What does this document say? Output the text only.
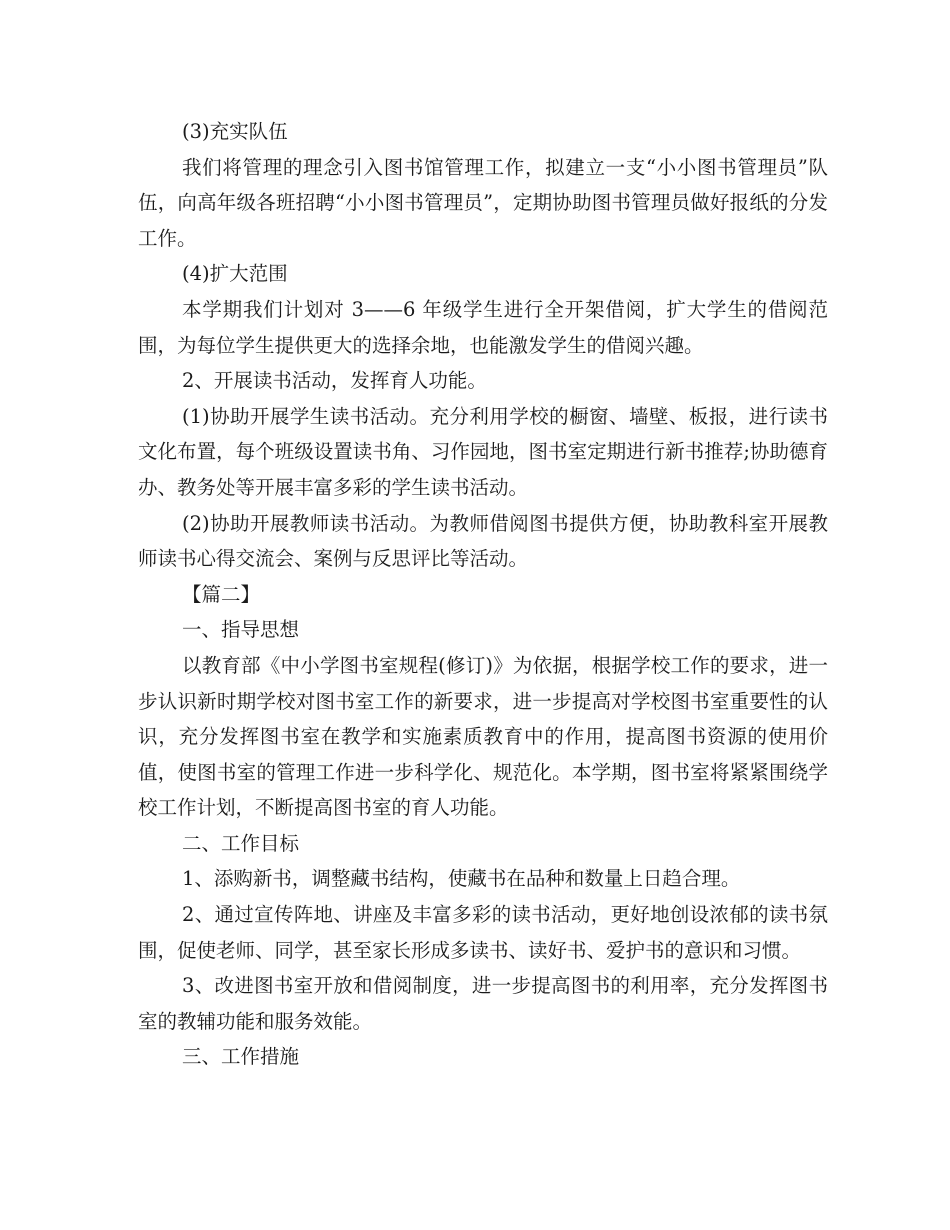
(3)充实队伍

我们将管理的理念引入图书馆管理工作，拟建立一支“小小图书管理员”队伍，向高年级各班招聘“小小图书管理员”，定期协助图书管理员做好报纸的分发工作。

(4)扩大范围

本学期我们计划对 3——6 年级学生进行全开架借阅，扩大学生的借阅范围，为每位学生提供更大的选择余地，也能激发学生的借阅兴趣。

2、开展读书活动，发挥育人功能。

(1)协助开展学生读书活动。充分利用学校的橱窗、墙壁、板报，进行读书文化布置，每个班级设置读书角、习作园地，图书室定期进行新书推荐;协助德育办、教务处等开展丰富多彩的学生读书活动。

(2)协助开展教师读书活动。为教师借阅图书提供方便，协助教科室开展教师读书心得交流会、案例与反思评比等活动。

【篇二】

一、指导思想

以教育部《中小学图书室规程(修订)》为依据，根据学校工作的要求，进一步认识新时期学校对图书室工作的新要求，进一步提高对学校图书室重要性的认识，充分发挥图书室在教学和实施素质教育中的作用，提高图书资源的使用价值，使图书室的管理工作进一步科学化、规范化。本学期，图书室将紧紧围绕学校工作计划，不断提高图书室的育人功能。

二、工作目标

1、添购新书，调整藏书结构，使藏书在品种和数量上日趋合理。

2、通过宣传阵地、讲座及丰富多彩的读书活动，更好地创设浓郁的读书氛围，促使老师、同学，甚至家长形成多读书、读好书、爱护书的意识和习惯。

3、改进图书室开放和借阅制度，进一步提高图书的利用率，充分发挥图书室的教辅功能和服务效能。

三、工作措施
